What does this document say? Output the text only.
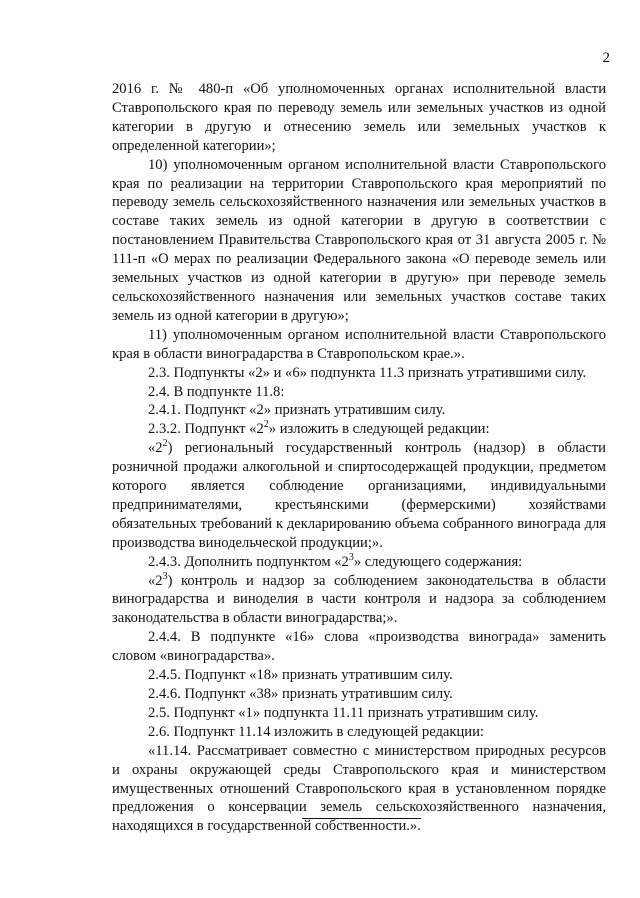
2

2016 г. № 480-п «Об уполномоченных органах исполнительной власти Ставропольского края по переводу земель или земельных участков из одной категории в другую и отнесению земель или земельных участков к определенной категории»;

10) уполномоченным органом исполнительной власти Ставропольского края по реализации на территории Ставропольского края мероприятий по переводу земель сельскохозяйственного назначения или земельных участков в составе таких земель из одной категории в другую в соответствии с постановлением Правительства Ставропольского края от 31 августа 2005 г. № 111-п «О мерах по реализации Федерального закона «О переводе земель или земельных участков из одной категории в другую» при переводе земель сельскохозяйственного назначения или земельных участков составе таких земель из одной категории в другую»;

11) уполномоченным органом исполнительной власти Ставропольского края в области виноградарства в Ставропольском крае.».

2.3. Подпункты «2» и «6» подпункта 11.3 признать утратившими силу.

2.4. В подпункте 11.8:

2.4.1. Подпункт «2» признать утратившим силу.

2.3.2. Подпункт «$2^2$» изложить в следующей редакции:

«$2^2$) региональный государственный контроль (надзор) в области розничной продажи алкогольной и спиртосодержащей продукции, предметом которого является соблюдение организациями, индивидуальными предпринимателями, крестьянскими (фермерскими) хозяйствами обязательных требований к декларированию объема собранного винограда для производства винодельческой продукции;».

2.4.3. Дополнить подпунктом «$2^3$» следующего содержания:

«$2^3$) контроль и надзор за соблюдением законодательства в области виноградарства и виноделия в части контроля и надзора за соблюдением законодательства в области виноградарства;».

2.4.4. В подпункте «16» слова «производства винограда» заменить словом «виноградарства».

2.4.5. Подпункт «18» признать утратившим силу.

2.4.6. Подпункт «38» признать утратившим силу.

2.5. Подпункт «1» подпункта 11.11 признать утратившим силу.

2.6. Подпункт 11.14 изложить в следующей редакции:

«11.14. Рассматривает совместно с министерством природных ресурсов и охраны окружающей среды Ставропольского края и министерством имущественных отношений Ставропольского края в установленном порядке предложения о консервации земель сельскохозяйственного назначения, находящихся в государственной собственности.».
